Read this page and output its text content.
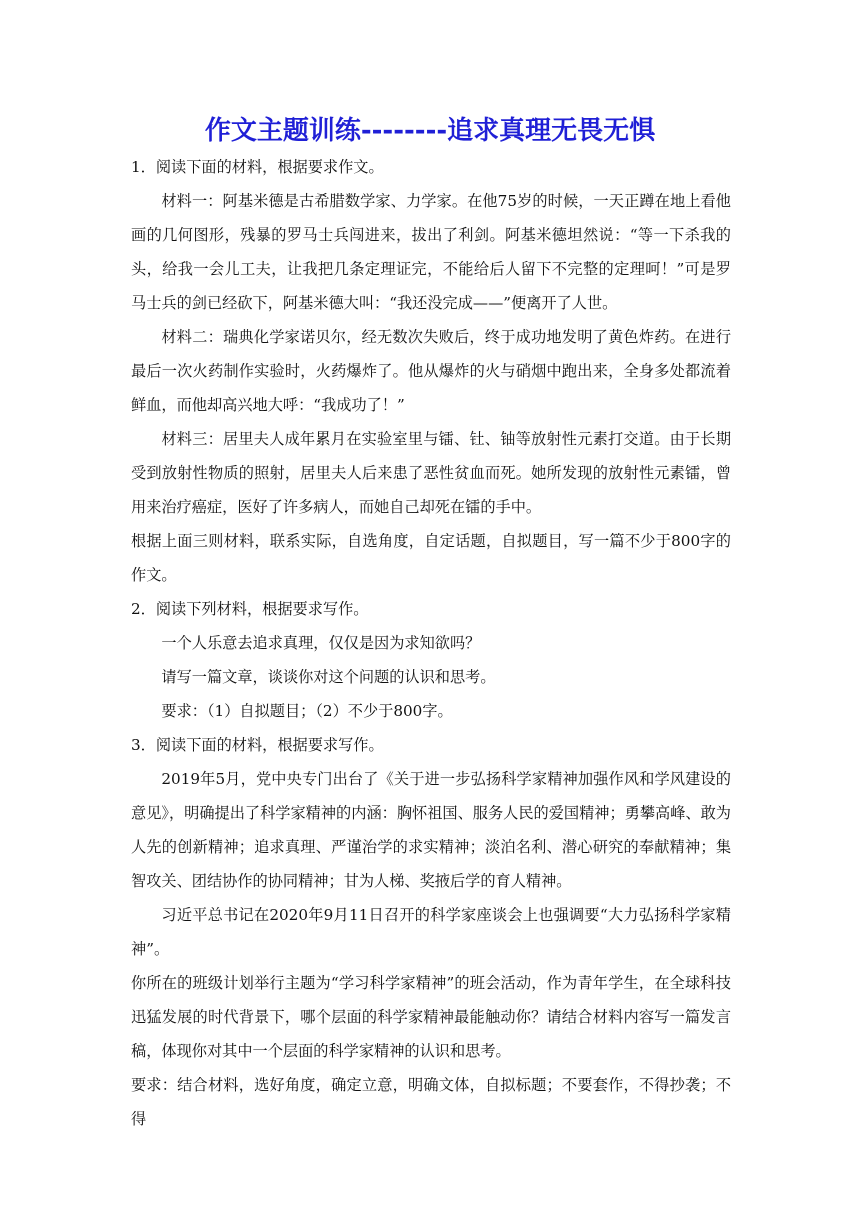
作文主题训练--------追求真理无畏无惧

1．阅读下面的材料，根据要求作文。

材料一：阿基米德是古希腊数学家、力学家。在他75岁的时候，一天正蹲在地上看他画的几何图形，残暴的罗马士兵闯进来，拔出了利剑。阿基米德坦然说：“等一下杀我的头，给我一会儿工夫，让我把几条定理证完，不能给后人留下不完整的定理呵！”可是罗马士兵的剑已经砍下，阿基米德大叫：“我还没完成——”便离开了人世。

材料二：瑞典化学家诺贝尔，经无数次失败后，终于成功地发明了黄色炸药。在进行最后一次火药制作实验时，火药爆炸了。他从爆炸的火与硝烟中跑出来，全身多处都流着鲜血，而他却高兴地大呼：“我成功了！”

材料三：居里夫人成年累月在实验室里与镭、钍、铀等放射性元素打交道。由于长期受到放射性物质的照射，居里夫人后来患了恶性贫血而死。她所发现的放射性元素镭，曾用来治疗癌症，医好了许多病人，而她自己却死在镭的手中。

根据上面三则材料，联系实际，自选角度，自定话题，自拟题目，写一篇不少于800字的作文。

2．阅读下列材料，根据要求写作。

一个人乐意去追求真理，仅仅是因为求知欲吗？

请写一篇文章，谈谈你对这个问题的认识和思考。

要求：（1）自拟题目；（2）不少于800字。

3．阅读下面的材料，根据要求写作。

2019年5月，党中央专门出台了《关于进一步弘扬科学家精神加强作风和学风建设的意见》，明确提出了科学家精神的内涵：胸怀祖国、服务人民的爱国精神；勇攀高峰、敢为人先的创新精神；追求真理、严谨治学的求实精神；淡泊名利、潜心研究的奉献精神；集智攻关、团结协作的协同精神；甘为人梯、奖掖后学的育人精神。

习近平总书记在2020年9月11日召开的科学家座谈会上也强调要“大力弘扬科学家精神”。

你所在的班级计划举行主题为“学习科学家精神”的班会活动，作为青年学生，在全球科技迅猛发展的时代背景下，哪个层面的科学家精神最能触动你？请结合材料内容写一篇发言稿，体现你对其中一个层面的科学家精神的认识和思考。

要求：结合材料，选好角度，确定立意，明确文体，自拟标题；不要套作，不得抄袭；不得
